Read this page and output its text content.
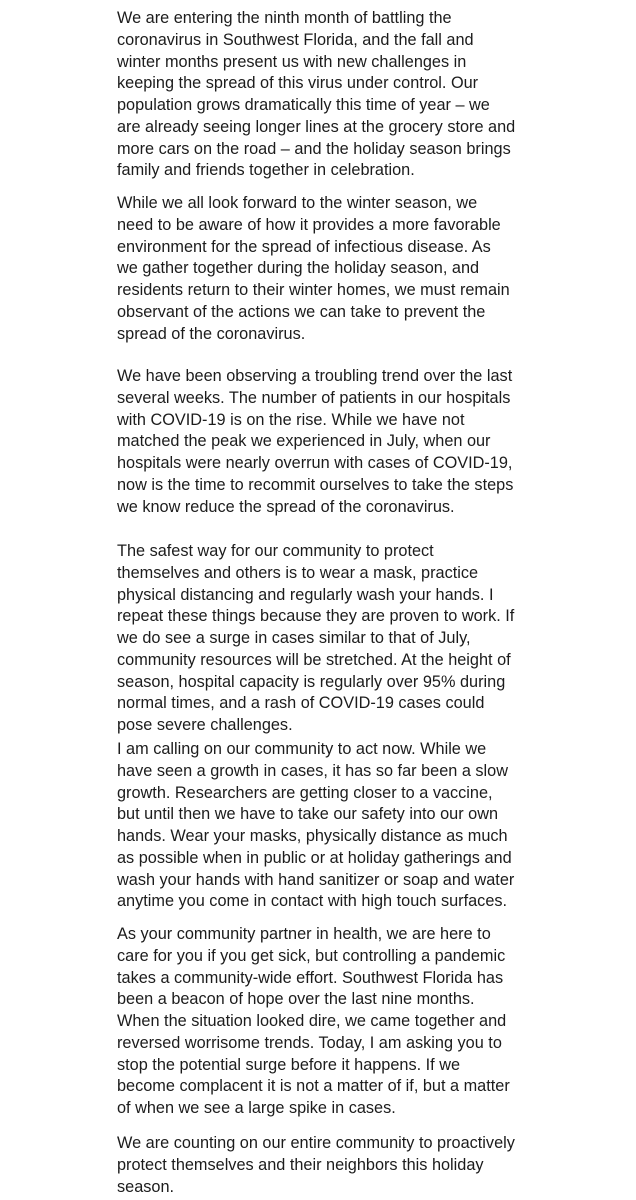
We are entering the ninth month of battling the
coronavirus in Southwest Florida, and the fall and
winter months present us with new challenges in
keeping the spread of this virus under control. Our
population grows dramatically this time of year – we
are already seeing longer lines at the grocery store and
more cars on the road – and the holiday season brings
family and friends together in celebration.

While we all look forward to the winter season, we
need to be aware of how it provides a more favorable
environment for the spread of infectious disease. As
we gather together during the holiday season, and
residents return to their winter homes, we must remain
observant of the actions we can take to prevent the
spread of the coronavirus.

We have been observing a troubling trend over the last
several weeks. The number of patients in our hospitals
with COVID-19 is on the rise. While we have not
matched the peak we experienced in July, when our
hospitals were nearly overrun with cases of COVID-19,
now is the time to recommit ourselves to take the steps
we know reduce the spread of the coronavirus.

The safest way for our community to protect
themselves and others is to wear a mask, practice
physical distancing and regularly wash your hands. I
repeat these things because they are proven to work. If
we do see a surge in cases similar to that of July,
community resources will be stretched. At the height of
season, hospital capacity is regularly over 95% during
normal times, and a rash of COVID-19 cases could
pose severe challenges.

I am calling on our community to act now. While we
have seen a growth in cases, it has so far been a slow
growth. Researchers are getting closer to a vaccine,
but until then we have to take our safety into our own
hands. Wear your masks, physically distance as much
as possible when in public or at holiday gatherings and
wash your hands with hand sanitizer or soap and water
anytime you come in contact with high touch surfaces.

As your community partner in health, we are here to
care for you if you get sick, but controlling a pandemic
takes a community-wide effort. Southwest Florida has
been a beacon of hope over the last nine months.
When the situation looked dire, we came together and
reversed worrisome trends. Today, I am asking you to
stop the potential surge before it happens. If we
become complacent it is not a matter of if, but a matter
of when we see a large spike in cases.

We are counting on our entire community to proactively
protect themselves and their neighbors this holiday
season.
